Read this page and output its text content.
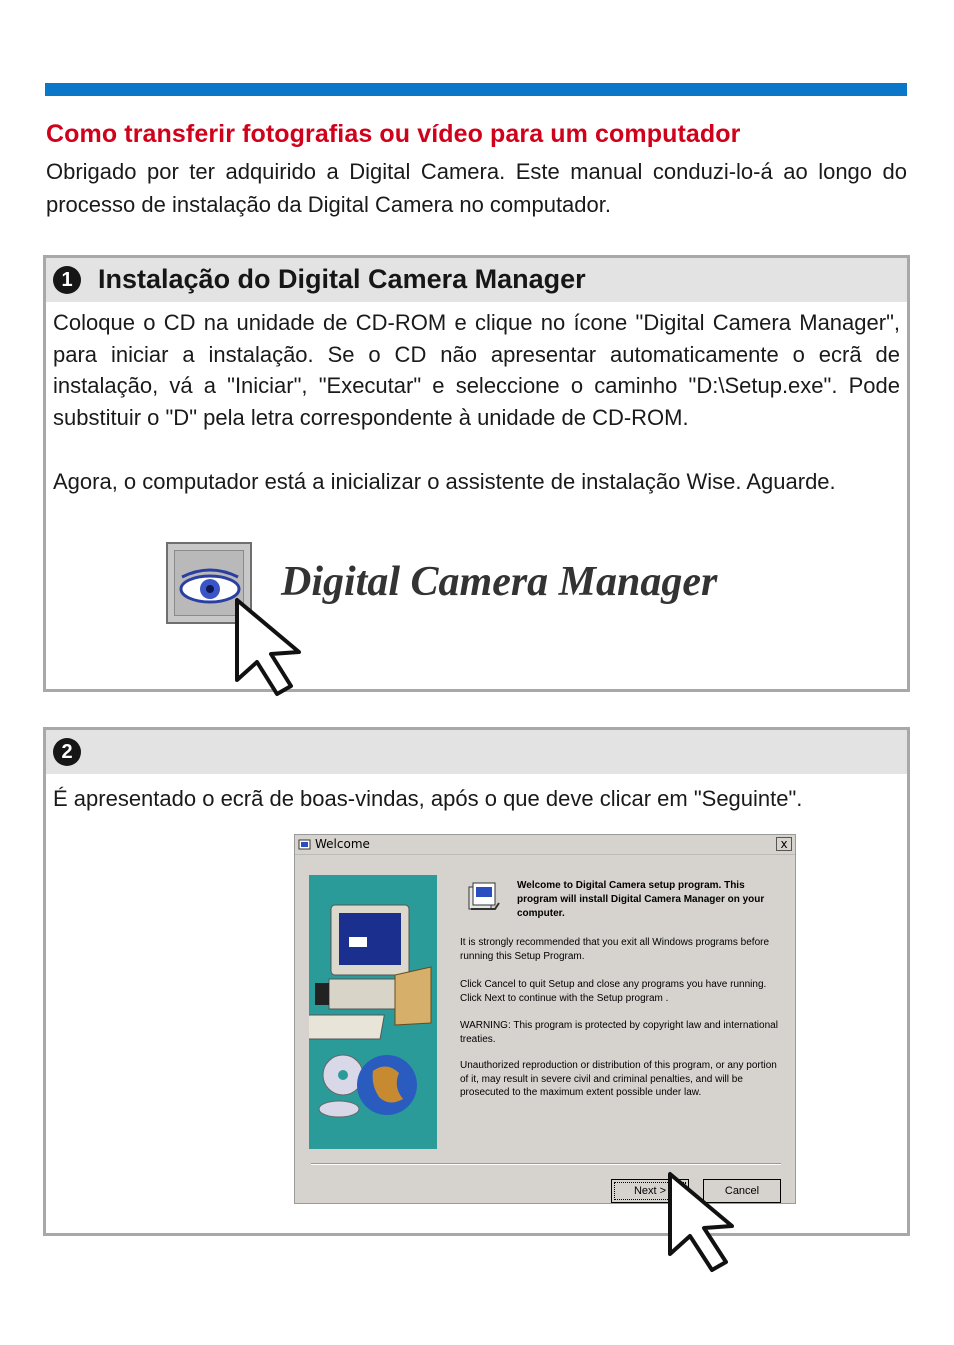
Como transferir fotografias ou vídeo para um computador

Obrigado por ter adquirido a Digital Camera. Este manual conduzi-lo-á ao longo do processo de instalação da Digital Camera no computador.

1 Instalação do Digital Camera Manager

Coloque o CD na unidade de CD-ROM e clique no ícone "Digital Camera Manager", para iniciar a instalação. Se o CD não apresentar automaticamente o ecrã de instalação, vá a "Iniciar", "Executar" e seleccione o caminho "D:\Setup.exe". Pode substituir o "D" pela letra correspondente à unidade de CD-ROM.

Agora, o computador está a inicializar o assistente de instalação Wise. Aguarde.

Digital Camera Manager
2

É apresentado o ecrã de boas-vindas, após o que deve clicar em "Seguinte".

Welcome	x

Welcome to Digital Camera setup program. This program will install Digital Camera Manager on your computer.

It is strongly recommended that you exit all Windows programs before running this Setup Program.

Click Cancel to quit Setup and close any programs you have running. Click Next to continue with the Setup program .

WARNING: This program is protected by copyright law and international treaties.

Unauthorized reproduction or distribution of this program, or any portion of it, may result in severe civil and criminal penalties, and will be prosecuted to the maximum extent possible under law.

Next >	Cancel
